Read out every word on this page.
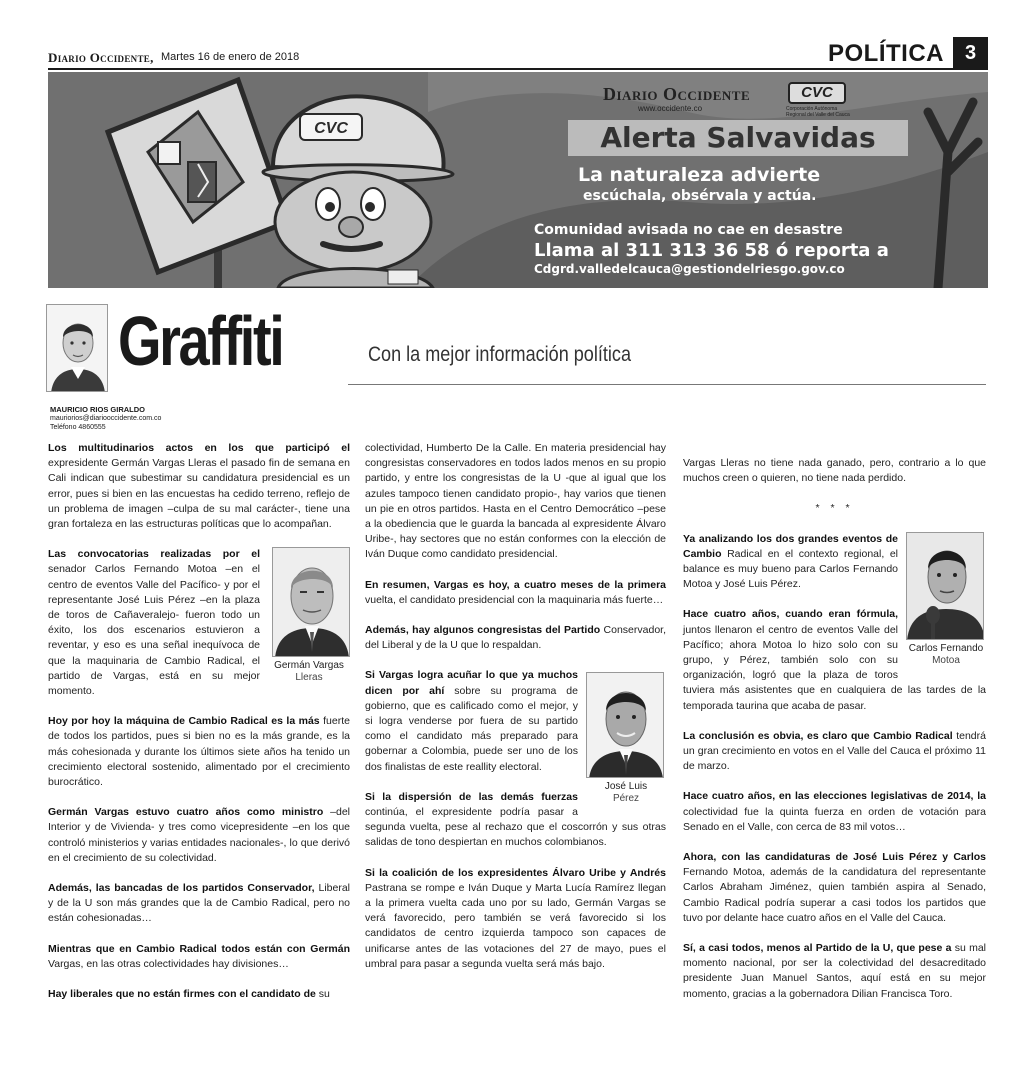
Diario Occidente, Martes 16 de enero de 2018	POLÍTICA	3
CVC
Diario Occidente
www.occidente.co
CVC
Corporación Autónoma Regional del Valle del Cauca
Alerta Salvavidas
La naturaleza advierte
escúchala, obsérvala y actúa.
Comunidad avisada no cae en desastre
Llama al 311 313 36 58 ó reporta a
Cdgrd.valledelcauca@gestiondelriesgo.gov.co
Graffiti	Con la mejor información política
MAURICIO RIOS GIRALDO
mauriorios@diariooccidente.com.co
Teléfono 4860555

Los multitudinarios actos en los que participó el expresidente Germán Vargas Lleras el pasado fin de semana en Cali indican que subestimar su candidatura presidencial es un error, pues si bien en las encuestas ha cedido terreno, reflejo de un problema de imagen –culpa de su mal carácter-, tiene una gran fortaleza en las estructuras políticas que lo acompañan.

Germán Vargas
Lleras

Las convocatorias realizadas por el senador Carlos Fernando Motoa –en el centro de eventos Valle del Pacífico- y por el representante José Luis Pérez –en la plaza de toros de Cañaveralejo- fueron todo un éxito, los dos escenarios estuvieron a reventar, y eso es una señal inequívoca de que la maquinaria de Cambio Radical, el partido de Vargas, está en su mejor momento.

Hoy por hoy la máquina de Cambio Radical es la más fuerte de todos los partidos, pues si bien no es la más grande, es la más cohesionada y durante los últimos siete años ha tenido un crecimiento electoral sostenido, alimentado por el crecimiento burocrático.

Germán Vargas estuvo cuatro años como ministro –del Interior y de Vivienda- y tres como vicepresidente –en los que controló ministerios y varias entidades nacionales-, lo que derivó en el crecimiento de su colectividad.

Además, las bancadas de los partidos Conservador, Liberal y de la U son más grandes que la de Cambio Radical, pero no están cohesionadas…

Mientras que en Cambio Radical todos están con Germán Vargas, en las otras colectividades hay divisiones…

Hay liberales que no están firmes con el candidato de su

colectividad, Humberto De la Calle. En materia presidencial hay congresistas conservadores en todos lados menos en su propio partido, y entre los congresistas de la U -que al igual que los azules tampoco tienen candidato propio-, hay varios que tienen un pie en otros partidos. Hasta en el Centro Democrático –pese a la obediencia que le guarda la bancada al expresidente Álvaro Uribe-, hay sectores que no están conformes con la elección de Iván Duque como candidato presidencial.

En resumen, Vargas es hoy, a cuatro meses de la primera vuelta, el candidato presidencial con la maquinaria más fuerte…

Además, hay algunos congresistas del Partido Conservador, del Liberal y de la U que lo respaldan.

José Luis
Pérez

Si Vargas logra acuñar lo que ya muchos dicen por ahí sobre su programa de gobierno, que es calificado como el mejor, y si logra venderse por fuera de su partido como el candidato más preparado para gobernar a Colombia, puede ser uno de los dos finalistas de este reallity electoral.

Si la dispersión de las demás fuerzas continúa, el expresidente podría pasar a segunda vuelta, pese al rechazo que el coscorrón y sus otras salidas de tono despiertan en muchos colombianos.

Si la coalición de los expresidentes Álvaro Uribe y Andrés Pastrana se rompe e Iván Duque y Marta Lucía Ramírez llegan a la primera vuelta cada uno por su lado, Germán Vargas se verá favorecido, pero también se verá favorecido si los candidatos de centro izquierda tampoco son capaces de unificarse antes de las votaciones del 27 de mayo, pues el umbral para pasar a segunda vuelta será más bajo.

Vargas Lleras no tiene nada ganado, pero, contrario a lo que muchos creen o quieren, no tiene nada perdido.

* * *

Carlos Fernando
Motoa

Ya analizando los dos grandes eventos de Cambio Radical en el contexto regional, el balance es muy bueno para Carlos Fernando Motoa y José Luis Pérez.

Hace cuatro años, cuando eran fórmula, juntos llenaron el centro de eventos Valle del Pacífico; ahora Motoa lo hizo solo con su grupo, y Pérez, también solo con su organización, logró que la plaza de toros tuviera más asistentes que en cualquiera de las tardes de la temporada taurina que acaba de pasar.

La conclusión es obvia, es claro que Cambio Radical tendrá un gran crecimiento en votos en el Valle del Cauca el próximo 11 de marzo.

Hace cuatro años, en las elecciones legislativas de 2014, la colectividad fue la quinta fuerza en orden de votación para Senado en el Valle, con cerca de 83 mil votos…

Ahora, con las candidaturas de José Luis Pérez y Carlos Fernando Motoa, además de la candidatura del representante Carlos Abraham Jiménez, quien también aspira al Senado, Cambio Radical podría superar a casi todos los partidos que tuvo por delante hace cuatro años en el Valle del Cauca.

Sí, a casi todos, menos al Partido de la U, que pese a su mal momento nacional, por ser la colectividad del desacreditado presidente Juan Manuel Santos, aquí está en su mejor momento, gracias a la gobernadora Dilian Francisca Toro.
